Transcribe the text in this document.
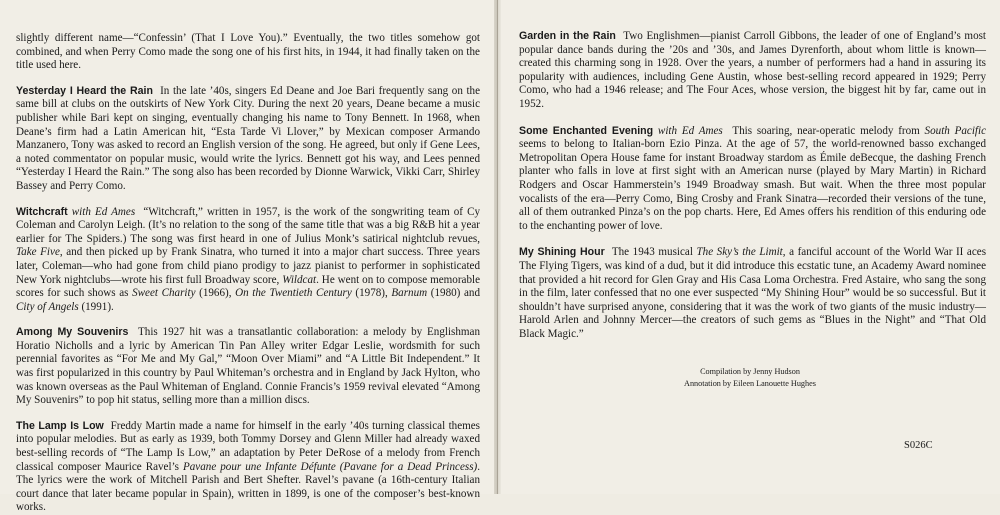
slightly different name—“Confessin’ (That I Love You).” Eventually, the two titles somehow got combined, and when Perry Como made the song one of his first hits, in 1944, it had finally taken on the title used here.

Yesterday I Heard the Rain In the late ’40s, singers Ed Deane and Joe Bari frequently sang on the same bill at clubs on the outskirts of New York City. During the next 20 years, Deane became a music publisher while Bari kept on singing, eventually changing his name to Tony Bennett. In 1968, when Deane’s firm had a Latin American hit, “Esta Tarde Vi Llover,” by Mexican composer Armando Manzanero, Tony was asked to record an English version of the song. He agreed, but only if Gene Lees, a noted commentator on popular music, would write the lyrics. Bennett got his way, and Lees penned “Yesterday I Heard the Rain.” The song also has been recorded by Dionne Warwick, Vikki Carr, Shirley Bassey and Perry Como.

Witchcraft with Ed Ames “Witchcraft,” written in 1957, is the work of the songwriting team of Cy Coleman and Carolyn Leigh. (It’s no relation to the song of the same title that was a big R&B hit a year earlier for The Spiders.) The song was first heard in one of Julius Monk’s satirical nightclub revues, Take Five, and then picked up by Frank Sinatra, who turned it into a major chart success. Three years later, Coleman—who had gone from child piano prodigy to jazz pianist to performer in sophisticated New York nightclubs—wrote his first full Broadway score, Wildcat. He went on to compose memorable scores for such shows as Sweet Charity (1966), On the Twentieth Century (1978), Barnum (1980) and City of Angels (1991).

Among My Souvenirs This 1927 hit was a transatlantic collaboration: a melody by Englishman Horatio Nicholls and a lyric by American Tin Pan Alley writer Edgar Leslie, wordsmith for such perennial favorites as “For Me and My Gal,” “Moon Over Miami” and “A Little Bit Independent.” It was first popularized in this country by Paul Whiteman’s orchestra and in England by Jack Hylton, who was known overseas as the Paul Whiteman of England. Connie Francis’s 1959 revival elevated “Among My Souvenirs” to pop hit status, selling more than a million discs.

The Lamp Is Low Freddy Martin made a name for himself in the early ’40s turning classical themes into popular melodies. But as early as 1939, both Tommy Dorsey and Glenn Miller had already waxed best-selling records of “The Lamp Is Low,” an adaptation by Peter DeRose of a melody from French classical composer Maurice Ravel’s Pavane pour une Infante Défunte (Pavane for a Dead Princess). The lyrics were the work of Mitchell Parish and Bert Shefter. Ravel’s pavane (a 16th-century Italian court dance that later became popular in Spain), written in 1899, is one of the composer’s best-known works.

Garden in the Rain Two Englishmen—pianist Carroll Gibbons, the leader of one of England’s most popular dance bands during the ’20s and ’30s, and James Dyrenforth, about whom little is known—created this charming song in 1928. Over the years, a number of performers had a hand in assuring its popularity with audiences, including Gene Austin, whose best-selling record appeared in 1929; Perry Como, who had a 1946 release; and The Four Aces, whose version, the biggest hit by far, came out in 1952.

Some Enchanted Evening with Ed Ames This soaring, near-operatic melody from South Pacific seems to belong to Italian-born Ezio Pinza. At the age of 57, the world-renowned basso exchanged Metropolitan Opera House fame for instant Broadway stardom as Émile deBecque, the dashing French planter who falls in love at first sight with an American nurse (played by Mary Martin) in Richard Rodgers and Oscar Hammerstein’s 1949 Broadway smash. But wait. When the three most popular vocalists of the era—Perry Como, Bing Crosby and Frank Sinatra—recorded their versions of the tune, all of them outranked Pinza’s on the pop charts. Here, Ed Ames offers his rendition of this enduring ode to the enchanting power of love.

My Shining Hour The 1943 musical The Sky’s the Limit, a fanciful account of the World War II aces The Flying Tigers, was kind of a dud, but it did introduce this ecstatic tune, an Academy Award nominee that provided a hit record for Glen Gray and His Casa Loma Orchestra. Fred Astaire, who sang the song in the film, later confessed that no one ever suspected “My Shining Hour” would be so successful. But it shouldn’t have surprised anyone, considering that it was the work of two giants of the music industry—Harold Arlen and Johnny Mercer—the creators of such gems as “Blues in the Night” and “That Old Black Magic.”

Compilation by Jenny Hudson
Annotation by Eileen Lanouette Hughes
S026C
